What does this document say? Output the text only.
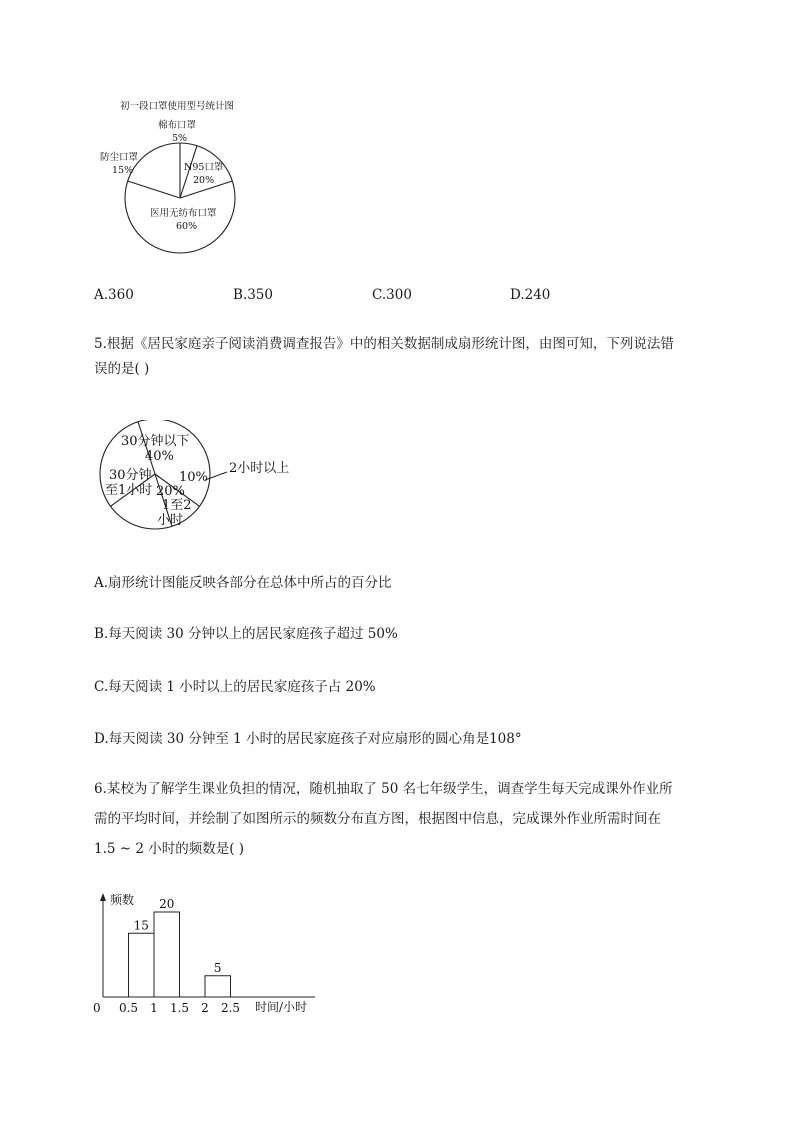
初一段口罩使用型号统计图
棉布口罩
5%
防尘口罩
15%	N95口罩
20%
医用无纺布口罩
60%
A.360	B.350	C.300	D.240
5.根据《居民家庭亲子阅读消费调查报告》中的相关数据制成扇形统计图，由图可知，下列说法错
误的是( )
30分钟以下
40%
30分钟
至1小时
10%
20%
1至2
小时
2小时以上
A.扇形统计图能反映各部分在总体中所占的百分比
B.每天阅读 30 分钟以上的居民家庭孩子超过 50%
C.每天阅读 1 小时以上的居民家庭孩子占 20%
D.每天阅读 30 分钟至 1 小时的居民家庭孩子对应扇形的圆心角是108°
6.某校为了解学生课业负担的情况，随机抽取了 50 名七年级学生，调查学生每天完成课外作业所
需的平均时间，并绘制了如图所示的频数分布直方图，根据图中信息，完成课外作业所需时间在
1.5 ~ 2 小时的频数是( )
15
20
5
0 0.5 1 1.5 2 2.5
频数
时间/小时
